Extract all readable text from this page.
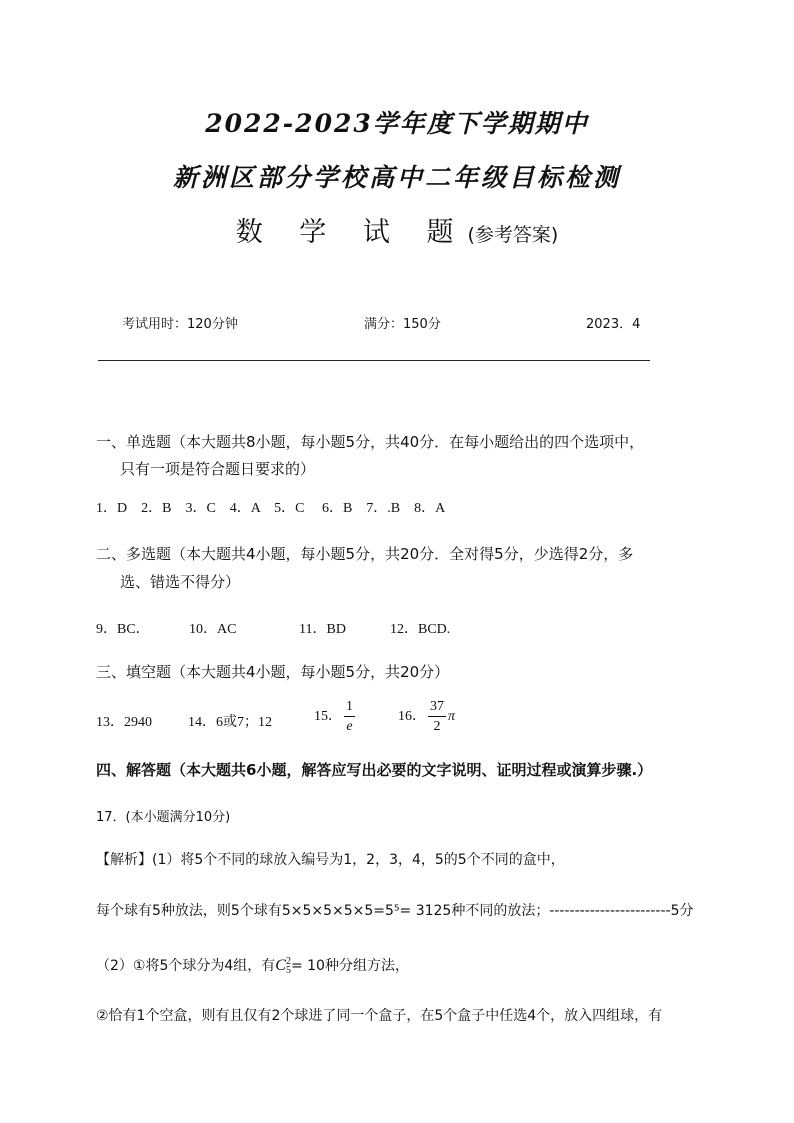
2022-2023学年度下学期期中
新洲区部分学校高中二年级目标检测
数 学 试 题(参考答案)
考试用时：120分钟	满分：150分	2023．4
一、单选题（本大题共8小题，每小题5分，共40分．在每小题给出的四个选项中，
只有一项是符合题日要求的）
1．D　2．B　3．C　4．A　5．C　 6．B　7．.B　8．A
二、多选题（本大题共4小题，每小题5分，共20分．全对得5分，少选得2分，多
选、错选不得分）
9．BC．	10．AC	11．BD	12．BCD.
三、填空题（本大题共4小题，每小题5分，共20分）
13．2940	14．6或7；12	15． $\frac{1}{e}$	16． $\frac{37}{2}$ π
四、解答题（本大题共6小题，解答应写出必要的文字说明、证明过程或演算步骤.）
17．(本小题满分10分)
【解析】(1）将5个不同的球放入编号为1，2，3，4，5的5个不同的盒中，
每个球有5种放法，则5个球有5×5×5×5×5=5⁵= 3125种不同的放法；------------------------5分
（2）①将5个球分为4组，有C 2
5 = 10种分组方法，
②恰有1个空盒，则有且仅有2个球进了同一个盒子，在5个盒子中任选4个，放入四组球，有
